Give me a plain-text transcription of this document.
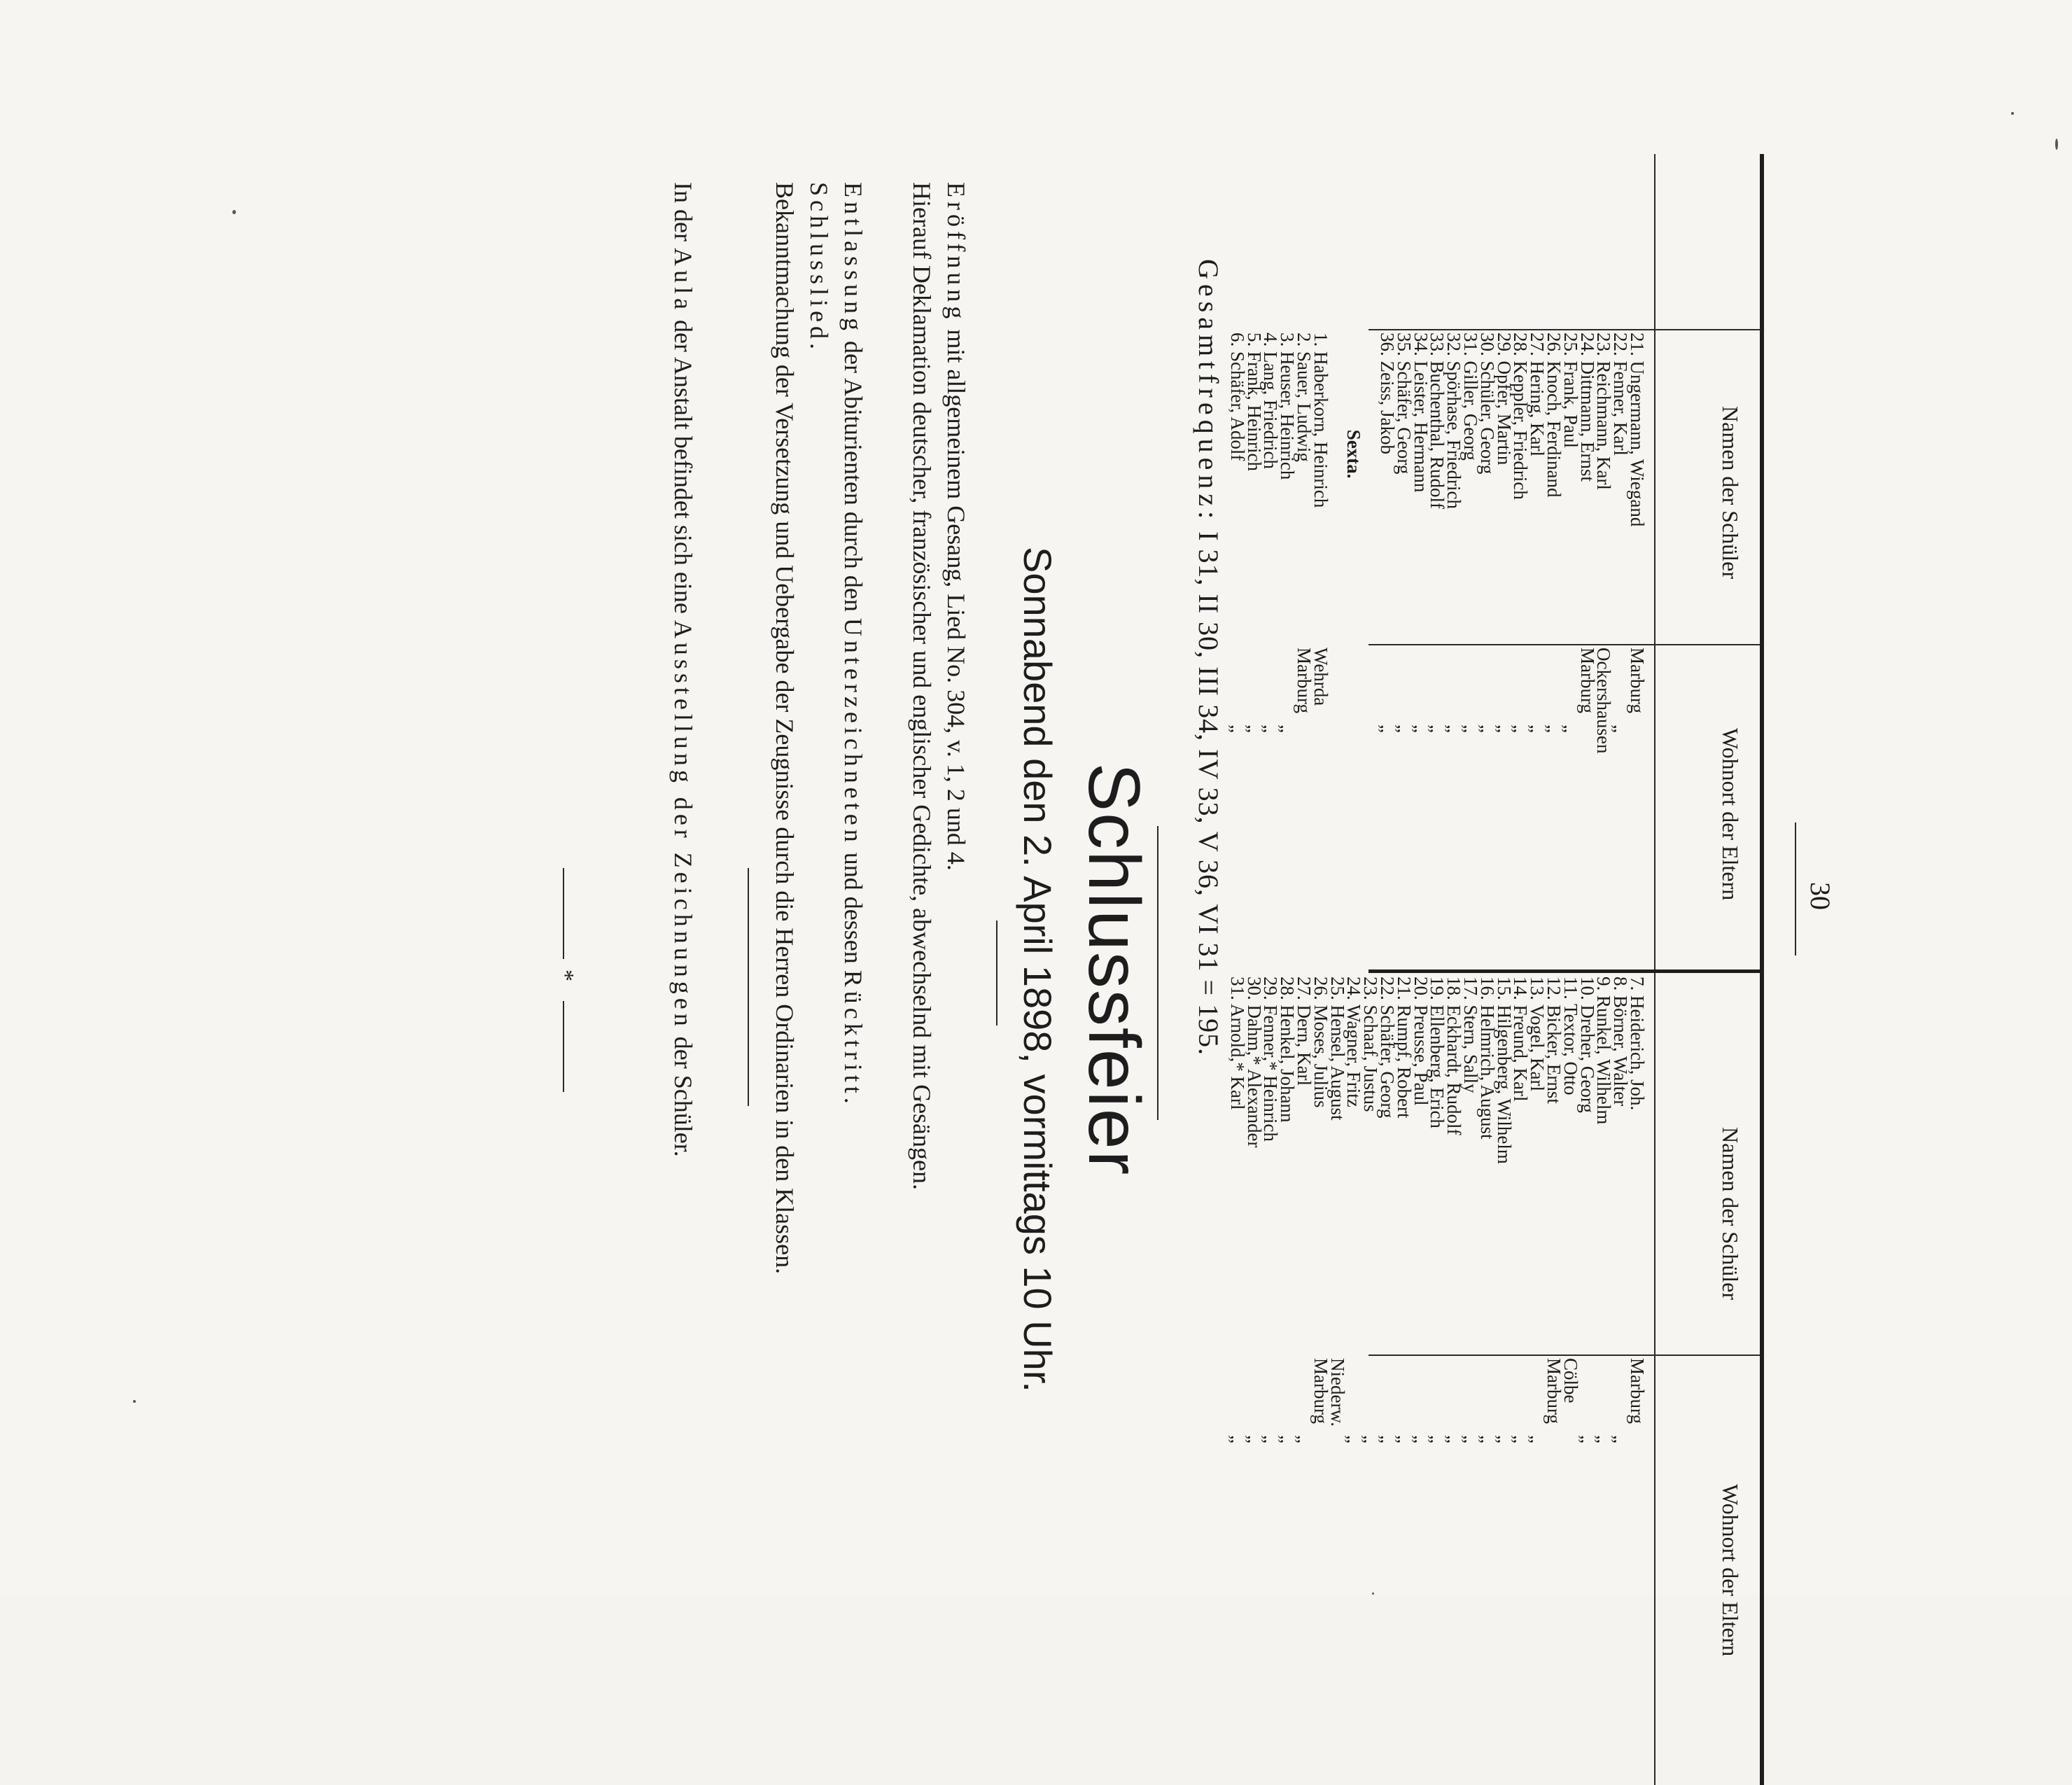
30
Namen der Schüler
Wohnort der Eltern
Namen der Schüler
Wohnort der Eltern
21. Ungermann, Wiegand
22. Fenner, Karl
23. Reichmann, Karl
24. Dittmann, Ernst
25. Frank, Paul
26. Knoch, Ferdinand
27. Hering, Karl
28. Keppler, Friedrich
29. Opfer, Martin
30. Schüler, Georg
31. Giller, Georg
32. Spörhase, Friedrich
33. Buchenthal, Rudolf
34. Leister, Hermann
35. Schäfer, Georg
36. Zeiss, Jakob
Sexta.
1. Haberkorn, Heinrich
2. Sauer, Ludwig
3. Heuser, Heinrich
4. Lang, Friedrich
5. Frank, Heinrich
6. Schäfer, Adolf
Marburg
„
Ockershausen
Marburg
„
„
„
„
„
„
„
„
„
„
„
„
Wehrda
Marburg
„
„
„
„
7. Heiderich, Joh.
8. Börner, Walter
9. Runkel, Wilhelm
10. Dreher, Georg
11. Textor, Otto
12. Bicker, Ernst
13. Vogel, Karl
14. Freund, Karl
15. Hilgenberg, Wilhelm
16. Helmrich, August
17. Stern, Sally
18. Eckhardt, Rudolf
19. Ellenberg, Erich
20. Preusse, Paul
21. Rumpf, Robert
22. Schäfer, Georg
23. Schaaf, Justus
24. Wagner, Fritz
25. Hensel, August
26. Moses, Julius
27. Dern, Karl
28. Henkel, Johann
29. Fenner,* Heinrich
30. Dahm,* Alexander
31. Arnold,* Karl
Marburg
„
„
„
Cölbe
Marburg
„
„
„
„
„
„
„
„
„
„
„
„
Niederw.
Marburg
„
„
„
„
„
Gesamtfrequenz: I 31, II 30, III 34, IV 33, V 36, VI 31 = 195.
Schlussfeier
Sonnabend den 2. April 1898, vormittags 10 Uhr.
Eröffnung mit allgemeinem Gesang, Lied No. 304, v. 1, 2 und 4.
Hierauf Deklamation deutscher, französischer und englischer Gedichte, abwechselnd mit Gesängen.
Entlassung der Abiturienten durch den Unterzeichneten und dessen Rücktritt.
Schlusslied.
Bekanntmachung der Versetzung und Uebergabe der Zeugnisse durch die Herren Ordinarien in den Klassen.
In der Aula der Anstalt befindet sich eine Ausstellung der Zeichnungen der Schüler.
*
